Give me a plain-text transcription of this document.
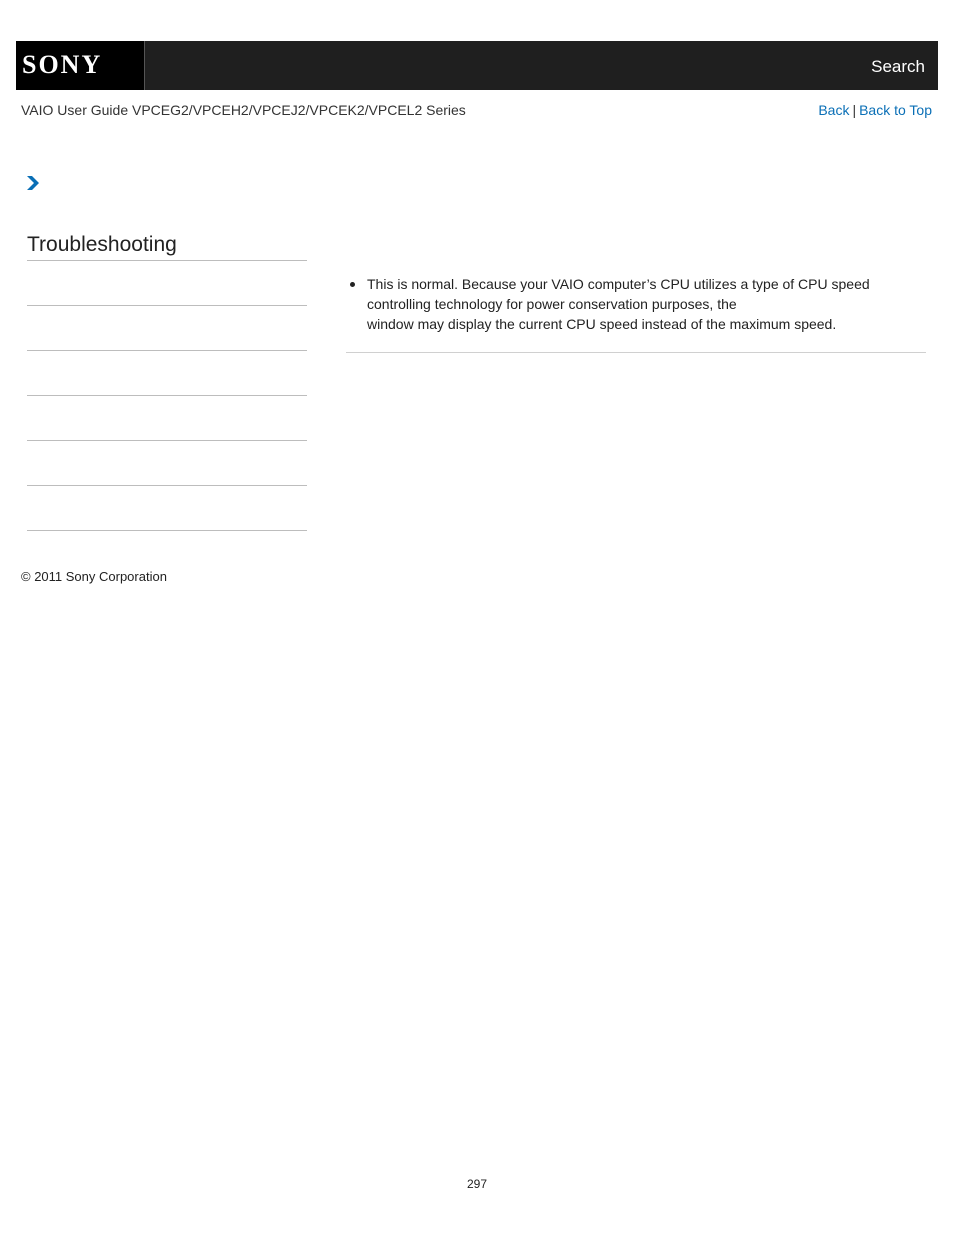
SONY	Search
VAIO User Guide VPCEG2/VPCEH2/VPCEJ2/VPCEK2/VPCEL2 Series	Back | Back to Top
Troubleshooting
This is normal. Because your VAIO computer’s CPU utilizes a type of CPU speed
controlling technology for power conservation purposes, the
window may display the current CPU speed instead of the maximum speed.
© 2011 Sony Corporation
297
